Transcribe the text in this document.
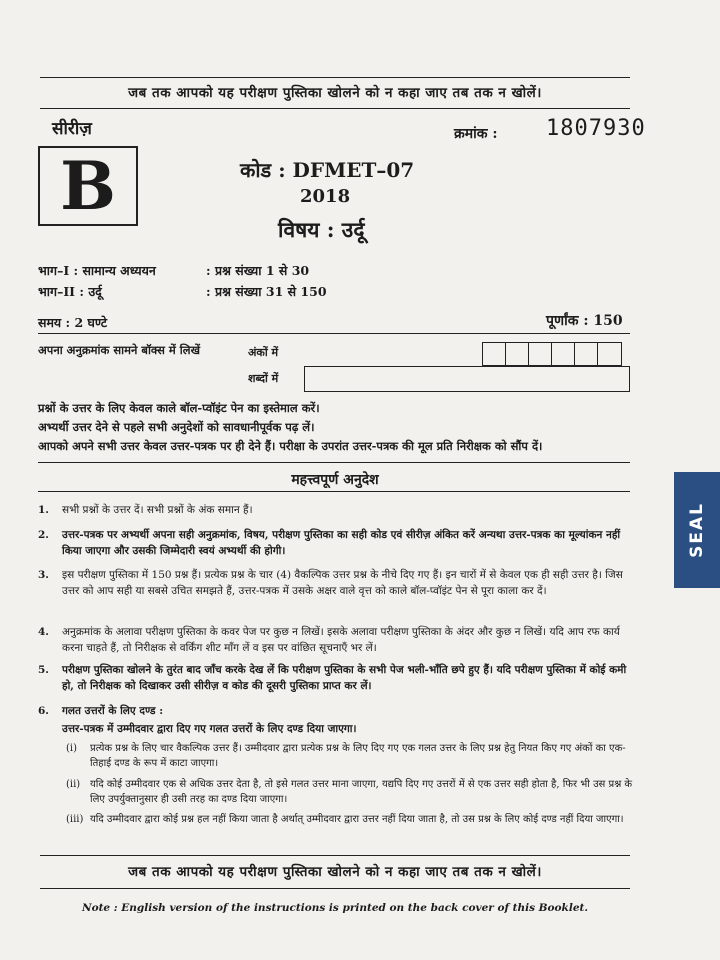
जब तक आपको यह परीक्षण पुस्तिका खोलने को न कहा जाए तब तक न खोलें।
सीरीज़
B
क्रमांक : 1807930
कोड : DFMET–07
2018
विषय : उर्दू
भाग–I : सामान्य अध्ययन	: प्रश्न संख्या 1 से 30
भाग–II : उर्दू	: प्रश्न संख्या 31 से 150
समय : 2 घण्टे	पूर्णांक : 150
अपना अनुक्रमांक सामने बॉक्स में लिखें	अंकों में
शब्दों में
प्रश्नों के उत्तर के लिए केवल काले बॉल-प्वॉइंट पेन का इस्तेमाल करें।
अभ्यर्थी उत्तर देने से पहले सभी अनुदेशों को सावधानीपूर्वक पढ़ लें।
आपको अपने सभी उत्तर केवल उत्तर-पत्रक पर ही देने हैं। परीक्षा के उपरांत उत्तर-पत्रक की मूल प्रति निरीक्षक को सौंप दें।
महत्त्वपूर्ण अनुदेश
1. सभी प्रश्नों के उत्तर दें। सभी प्रश्नों के अंक समान हैं।
2. उत्तर-पत्रक पर अभ्यर्थी अपना सही अनुक्रमांक, विषय, परीक्षण पुस्तिका का सही कोड एवं सीरीज़ अंकित करें अन्यथा उत्तर-पत्रक का मूल्यांकन नहीं किया जाएगा और उसकी जिम्मेदारी स्वयं अभ्यर्थी की होगी।
3. इस परीक्षण पुस्तिका में 150 प्रश्न हैं। प्रत्येक प्रश्न के चार (4) वैकल्पिक उत्तर प्रश्न के नीचे दिए गए हैं। इन चारों में से केवल एक ही सही उत्तर है। जिस उत्तर को आप सही या सबसे उचित समझते हैं, उत्तर-पत्रक में उसके अक्षर वाले वृत्त को काले बॉल-प्वॉइंट पेन से पूरा काला कर दें।
4. अनुक्रमांक के अलावा परीक्षण पुस्तिका के कवर पेज पर कुछ न लिखें। इसके अलावा परीक्षण पुस्तिका के अंदर और कुछ न लिखें। यदि आप रफ कार्य करना चाहते हैं, तो निरीक्षक से वर्किंग शीट माँग लें व इस पर वांछित सूचनाएँ भर लें।
5. परीक्षण पुस्तिका खोलने के तुरंत बाद जाँच करके देख लें कि परीक्षण पुस्तिका के सभी पेज भली-भाँति छपे हुए हैं। यदि परीक्षण पुस्तिका में कोई कमी हो, तो निरीक्षक को दिखाकर उसी सीरीज़ व कोड की दूसरी पुस्तिका प्राप्त कर लें।
6. गलत उत्तरों के लिए दण्ड :
उत्तर-पत्रक में उम्मीदवार द्वारा दिए गए गलत उत्तरों के लिए दण्ड दिया जाएगा।
(i) प्रत्येक प्रश्न के लिए चार वैकल्पिक उत्तर हैं। उम्मीदवार द्वारा प्रत्येक प्रश्न के लिए दिए गए एक गलत उत्तर के लिए प्रश्न हेतु नियत किए गए अंकों का एक-तिहाई दण्ड के रूप में काटा जाएगा।
(ii) यदि कोई उम्मीदवार एक से अधिक उत्तर देता है, तो इसे गलत उत्तर माना जाएगा, यद्यपि दिए गए उत्तरों में से एक उत्तर सही होता है, फिर भी उस प्रश्न के लिए उपर्युक्तानुसार ही उसी तरह का दण्ड दिया जाएगा।
(iii) यदि उम्मीदवार द्वारा कोई प्रश्न हल नहीं किया जाता है अर्थात् उम्मीदवार द्वारा उत्तर नहीं दिया जाता है, तो उस प्रश्न के लिए कोई दण्ड नहीं दिया जाएगा।
जब तक आपको यह परीक्षण पुस्तिका खोलने को न कहा जाए तब तक न खोलें।
Note : English version of the instructions is printed on the back cover of this Booklet.
SEAL
